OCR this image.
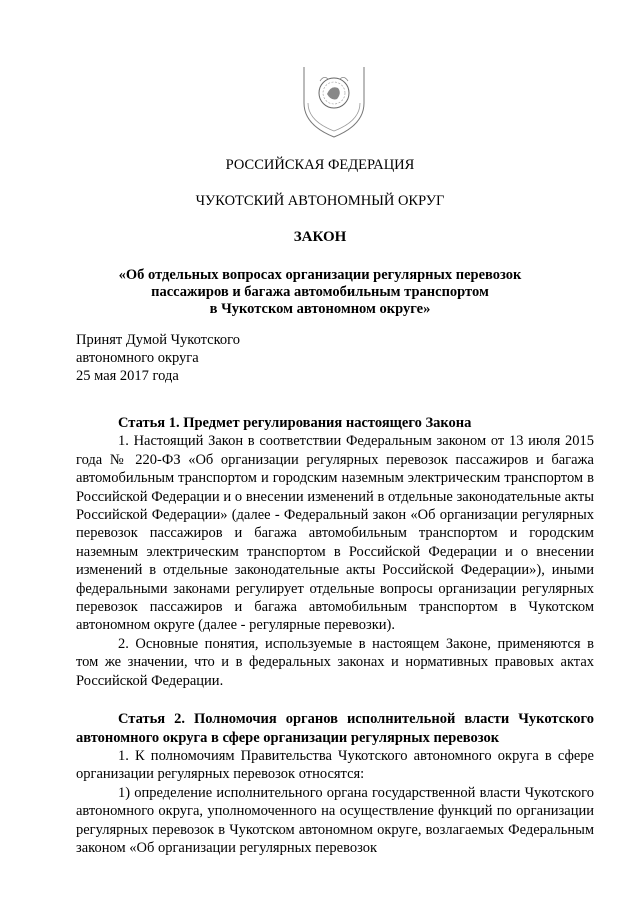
РОССИЙСКАЯ ФЕДЕРАЦИЯ
ЧУКОТСКИЙ АВТОНОМНЫЙ ОКРУГ
ЗАКОН
«Об отдельных вопросах организации регулярных перевозок
пассажиров и багажа автомобильным транспортом
в Чукотском автономном округе»
Принят Думой Чукотского
автономного округа
25 мая 2017 года

Статья 1. Предмет регулирования настоящего Закона

1. Настоящий Закон в соответствии Федеральным законом от 13 июля 2015 года № 220-ФЗ «Об организации регулярных перевозок пассажиров и багажа автомобильным транспортом и городским наземным электрическим транспортом в Российской Федерации и о внесении изменений в отдельные законодательные акты Российской Федерации» (далее - Федеральный закон «Об организации регулярных перевозок пассажиров и багажа автомобильным транспортом и городским наземным электрическим транспортом в Российской Федерации и о внесении изменений в отдельные законодательные акты Российской Федерации»), иными федеральными законами регулирует отдельные вопросы организации регулярных перевозок пассажиров и багажа автомобильным транспортом в Чукотском автономном округе (далее - регулярные перевозки).

2. Основные понятия, используемые в настоящем Законе, применяются в том же значении, что и в федеральных законах и нормативных правовых актах Российской Федерации.

Статья 2. Полномочия органов исполнительной власти Чукотского автономного округа в сфере организации регулярных перевозок

1. К полномочиям Правительства Чукотского автономного округа в сфере организации регулярных перевозок относятся:

1) определение исполнительного органа государственной власти Чукотского автономного округа, уполномоченного на осуществление функций по организации регулярных перевозок в Чукотском автономном округе, возлагаемых Федеральным законом «Об организации регулярных перевозок
